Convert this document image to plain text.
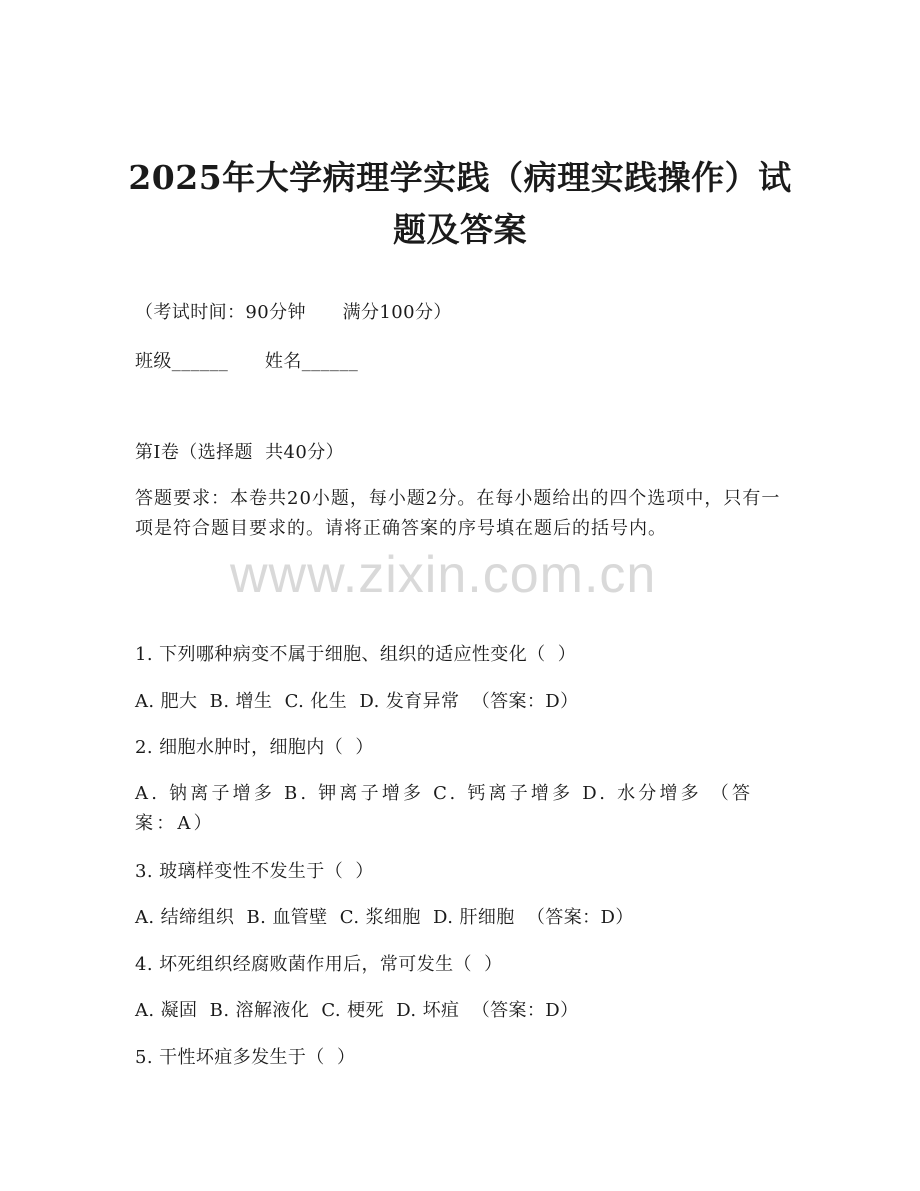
2025年大学病理学实践（病理实践操作）试
题及答案
（考试时间：90分钟      满分100分）
班级______      姓名______
第I卷（选择题  共40分）
答题要求：本卷共20小题，每小题2分。在每小题给出的四个选项中，只有一项是符合题目要求的。请将正确答案的序号填在题后的括号内。
www.zixin.com.cn
1. 下列哪种病变不属于细胞、组织的适应性变化（  ）
A. 肥大  B. 增生  C. 化生  D. 发育异常  （答案：D）
2. 细胞水肿时，细胞内（  ）
A. 钠离子增多 B. 钾离子增多 C. 钙离子增多 D. 水分增多 （答案：A）
3. 玻璃样变性不发生于（  ）
A. 结缔组织  B. 血管壁  C. 浆细胞  D. 肝细胞  （答案：D）
4. 坏死组织经腐败菌作用后，常可发生（  ）
A. 凝固  B. 溶解液化  C. 梗死  D. 坏疽  （答案：D）
5. 干性坏疽多发生于（  ）
